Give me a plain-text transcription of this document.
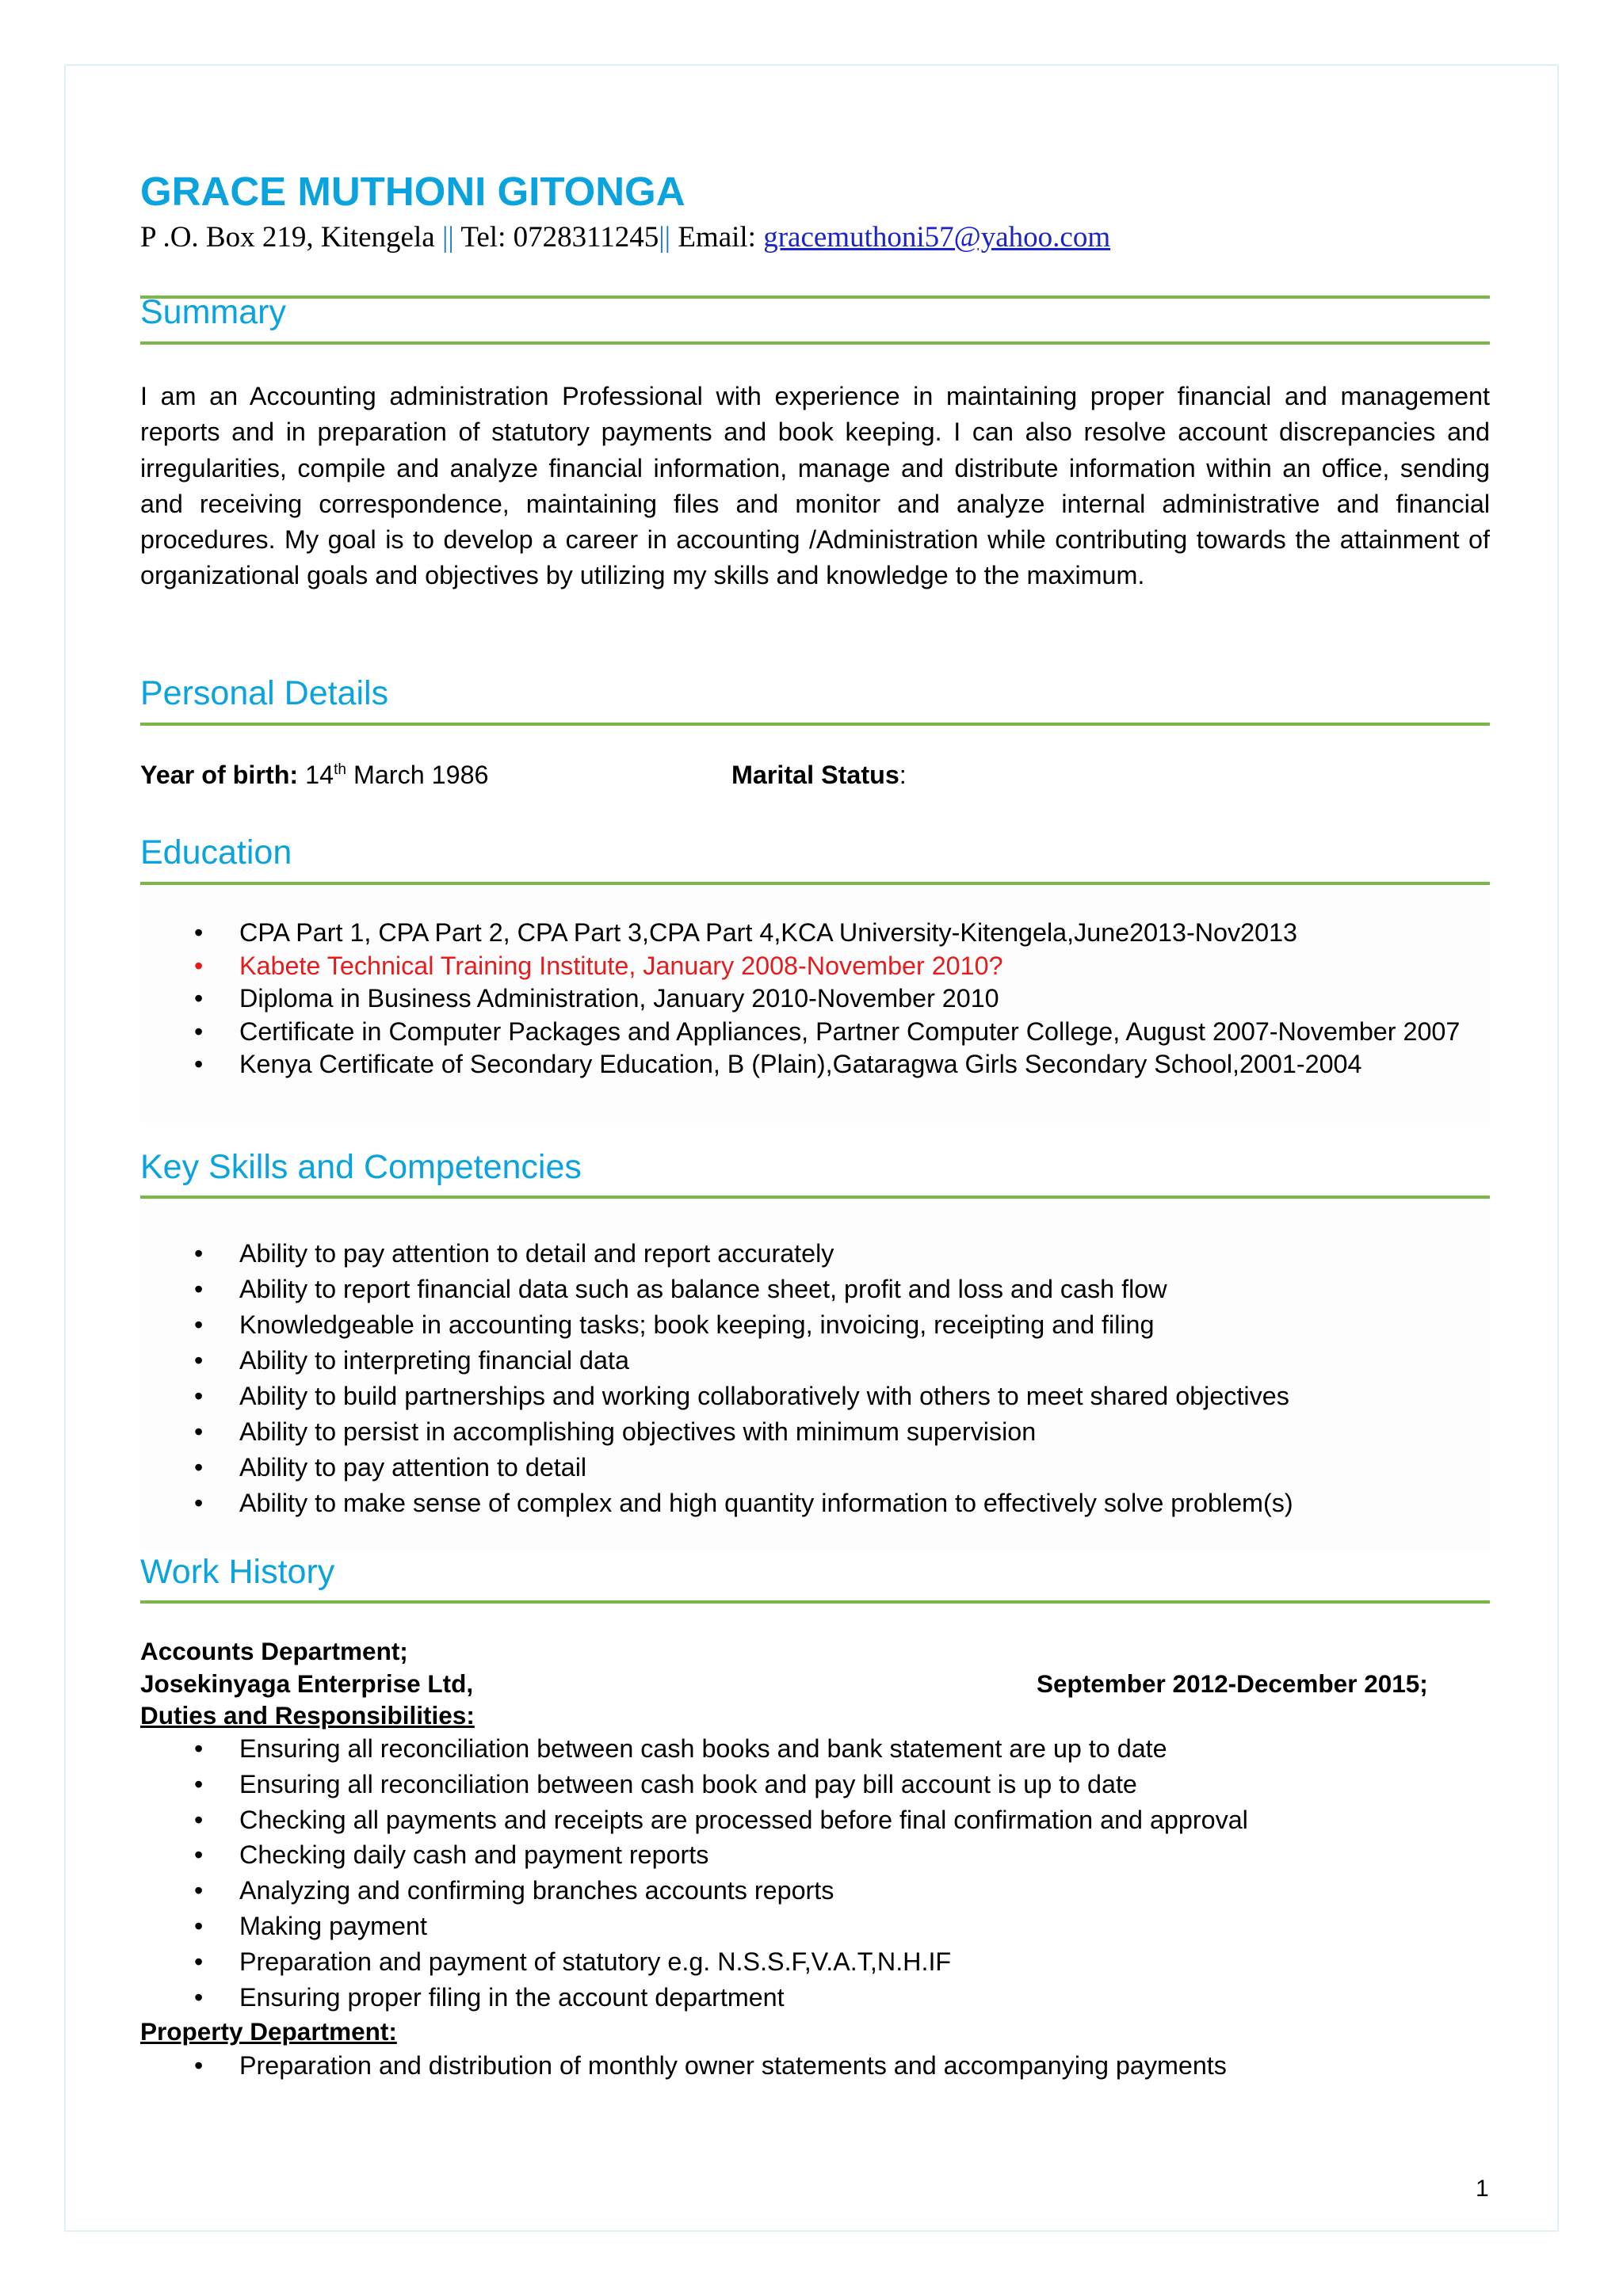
GRACE MUTHONI GITONGA
P .O. Box 219, Kitengela || Tel: 0728311245|| Email: gracemuthoni57@yahoo.com
Summary

I am an Accounting administration Professional with experience in maintaining proper financial and management reports and in preparation of statutory payments and book keeping. I can also resolve account discrepancies and irregularities, compile and analyze financial information, manage and distribute information within an office, sending and receiving correspondence, maintaining files and monitor and analyze internal administrative and financial procedures. My goal is to develop a career in accounting /Administration while contributing towards the attainment of organizational goals and objectives by utilizing my skills and knowledge to the maximum.

Personal Details
Year of birth: 14th March 1986	Marital Status:
Education
• CPA Part 1, CPA Part 2, CPA Part 3,CPA Part 4,KCA University-Kitengela,June2013-Nov2013
• Kabete Technical Training Institute, January 2008-November 2010?
• Diploma in Business Administration, January 2010-November 2010
• Certificate in Computer Packages and Appliances, Partner Computer College, August 2007-November 2007
• Kenya Certificate of Secondary Education, B (Plain),Gataragwa Girls Secondary School,2001-2004
Key Skills and Competencies
• Ability to pay attention to detail and report accurately
• Ability to report financial data such as balance sheet, profit and loss and cash flow
• Knowledgeable in accounting tasks; book keeping, invoicing, receipting and filing
• Ability to interpreting financial data
• Ability to build partnerships and working collaboratively with others to meet shared objectives
• Ability to persist in accomplishing objectives with minimum supervision
• Ability to pay attention to detail
• Ability to make sense of complex and high quantity information to effectively solve problem(s)
Work History
Accounts Department;
Josekinyaga Enterprise Ltd,	September 2012-December 2015;
Duties and Responsibilities:
• Ensuring all reconciliation between cash books and bank statement are up to date
• Ensuring all reconciliation between cash book and pay bill account is up to date
• Checking all payments and receipts are processed before final confirmation and approval
• Checking daily cash and payment reports
• Analyzing and confirming branches accounts reports
• Making payment
• Preparation and payment of statutory e.g. N.S.S.F,V.A.T,N.H.IF
• Ensuring proper filing in the account department
Property Department:
• Preparation and distribution of monthly owner statements and accompanying payments
1
